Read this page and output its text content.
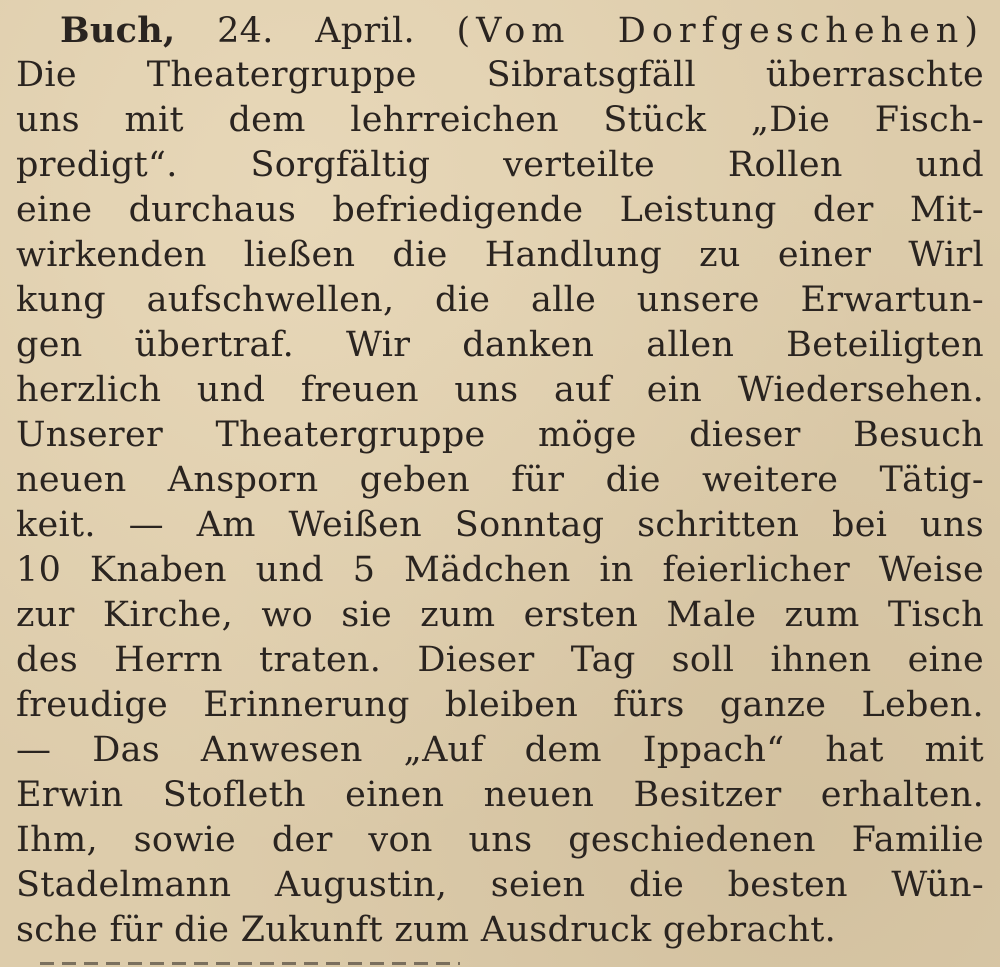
Buch, 24. April. (Vom Dorfgeschehen)
Die Theatergruppe Sibratsgfäll überraschte
uns mit dem lehrreichen Stück „Die Fisch-
predigt“. Sorgfältig verteilte Rollen und
eine durchaus befriedigende Leistung der Mit-
wirkenden ließen die Handlung zu einer Wirl
kung aufschwellen, die alle unsere Erwartun-
gen übertraf. Wir danken allen Beteiligten
herzlich und freuen uns auf ein Wiedersehen.
Unserer Theatergruppe möge dieser Besuch
neuen Ansporn geben für die weitere Tätig-
keit. — Am Weißen Sonntag schritten bei uns
10 Knaben und 5 Mädchen in feierlicher Weise
zur Kirche, wo sie zum ersten Male zum Tisch
des Herrn traten. Dieser Tag soll ihnen eine
freudige Erinnerung bleiben fürs ganze Leben.
— Das Anwesen „Auf dem Ippach“ hat mit
Erwin Stofleth einen neuen Besitzer erhalten.
Ihm, sowie der von uns geschiedenen Familie
Stadelmann Augustin, seien die besten Wün-
sche für die Zukunft zum Ausdruck gebracht.
